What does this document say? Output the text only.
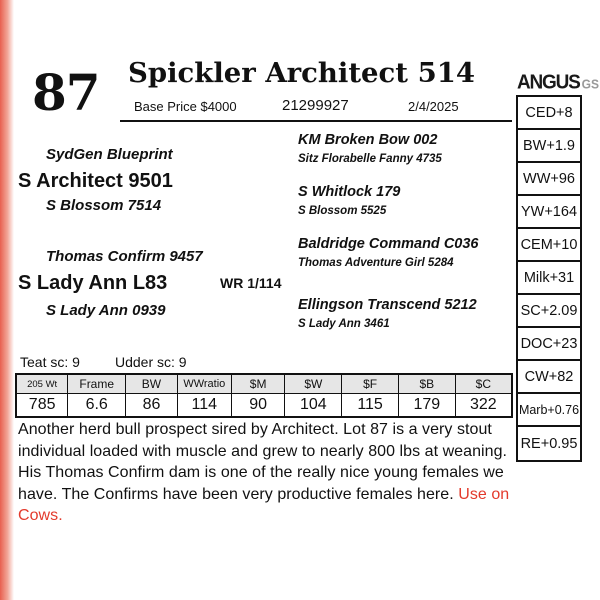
87 Spickler Architect 514
Base Price $4000	21299927	2/4/2025
ANGUS GS
CED+8
BW+1.9
WW+96
YW+164
CEM+10
Milk+31
SC+2.09
DOC+23
CW+82
Marb+0.76
RE+0.95
SydGen Blueprint
S Architect 9501
S Blossom 7514
KM Broken Bow 002
Sitz Florabelle Fanny 4735
S Whitlock 179
S Blossom 5525
Thomas Confirm 9457
S Lady Ann L83
S Lady Ann 0939
WR 1/114
Baldridge Command C036
Thomas Adventure Girl 5284
Ellingson Transcend 5212
S Lady Ann 3461
Teat sc: 9	Udder sc: 9
205 Wt	Frame	BW	WWratio	$M	$W	$F	$B	$C
785	6.6	86	114	90	104	115	179	322
Another herd bull prospect sired by Architect. Lot 87 is a very stout individual loaded with muscle and grew to nearly 800 lbs at weaning. His Thomas Confirm dam is one of the really nice young females we have. The Confirms have been very productive females here. Use on Cows.
